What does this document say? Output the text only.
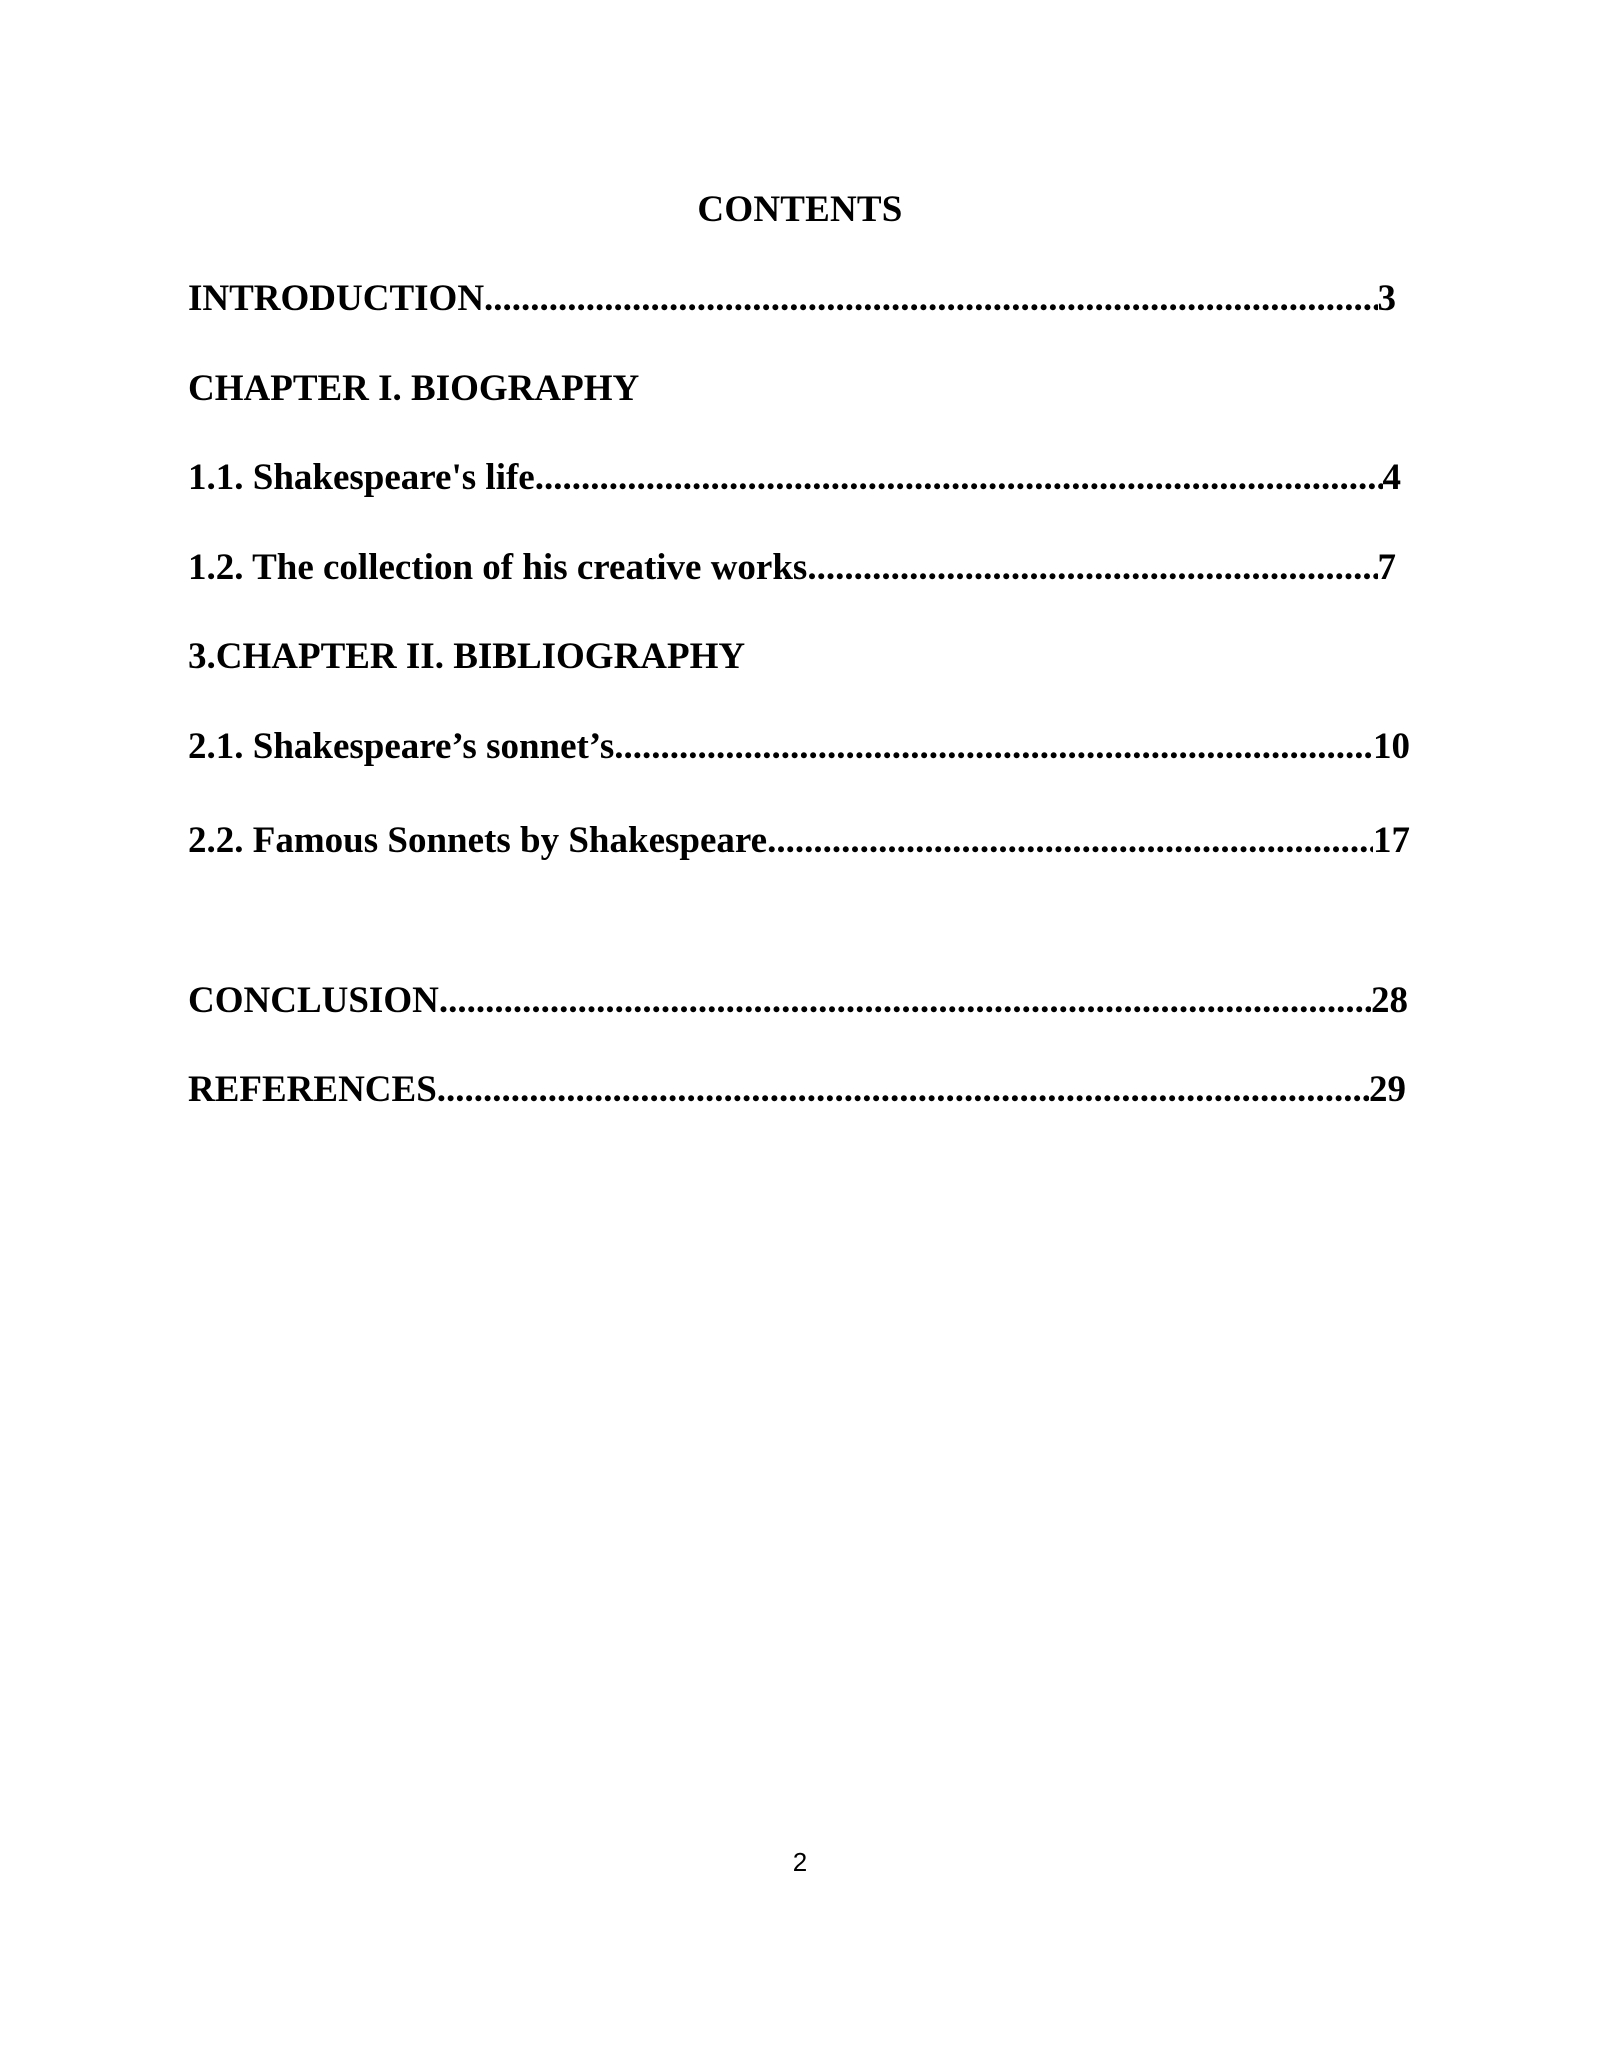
CONTENTS
INTRODUCTION .....	3
CHAPTER I. BIOGRAPHY
1.1. Shakespeare's life .....	4
1.2. The collection of his creative works .....	7
3.CHAPTER II. BIBLIOGRAPHY
2.1. Shakespeare’s sonnet’s .....	10
2.2. Famous Sonnets by Shakespeare .....	17
CONCLUSION .....	28
REFERENCES .....	29
2
